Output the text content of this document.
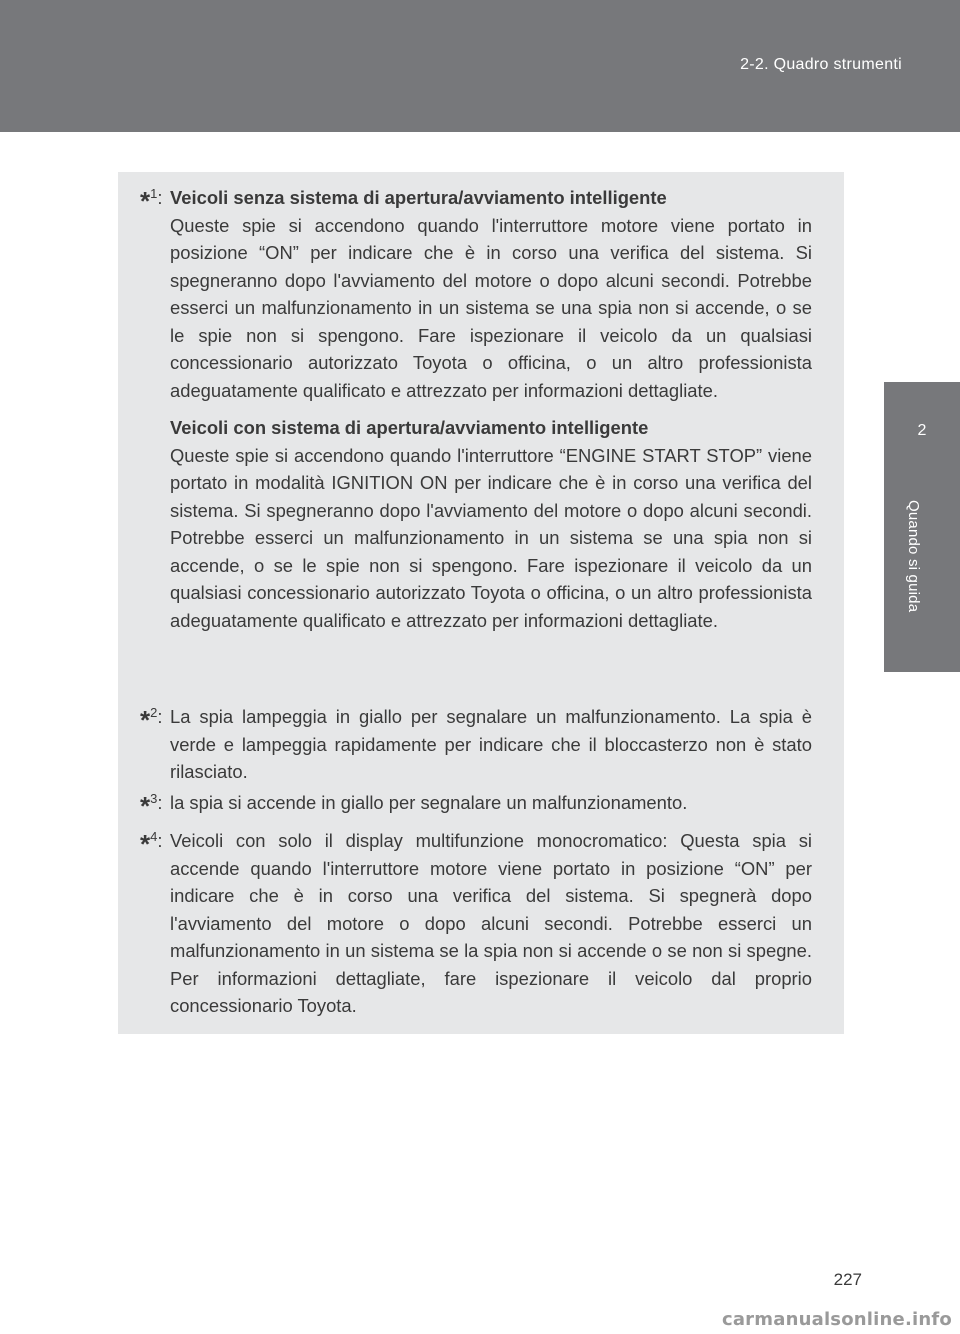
2-2. Quadro strumenti
2
Quando si guida
*$^1$: Veicoli senza sistema di apertura/avviamento intelligente
Queste spie si accendono quando l'interruttore motore viene portato in posizione “ON” per indicare che è in corso una verifica del sistema. Si spegneranno dopo l'avviamento del motore o dopo alcuni secondi. Potrebbe esserci un malfunzionamento in un sistema se una spia non si accende, o se le spie non si spengono. Fare ispezionare il veicolo da un qualsiasi concessionario autorizzato Toyota o officina, o un altro professionista adeguatamente qualificato e attrezzato per informazioni dettagliate.
Veicoli con sistema di apertura/avviamento intelligente
Queste spie si accendono quando l'interruttore “ENGINE START STOP” viene portato in modalità IGNITION ON per indicare che è in corso una verifica del sistema. Si spegneranno dopo l'avviamento del motore o dopo alcuni secondi. Potrebbe esserci un malfunzionamento in un sistema se una spia non si accende, o se le spie non si spengono. Fare ispezionare il veicolo da un qualsiasi concessionario autorizzato Toyota o officina, o un altro professionista adeguatamente qualificato e attrezzato per informazioni dettagliate.
*$^2$: La spia lampeggia in giallo per segnalare un malfunzionamento. La spia è verde e lampeggia rapidamente per indicare che il bloccasterzo non è stato rilasciato.
*$^3$: la spia si accende in giallo per segnalare un malfunzionamento.
*$^4$: Veicoli con solo il display multifunzione monocromatico: Questa spia si accende quando l'interruttore motore viene portato in posizione “ON” per indicare che è in corso una verifica del sistema. Si spegnerà dopo l'avviamento del motore o dopo alcuni secondi. Potrebbe esserci un malfunzionamento in un sistema se la spia non si accende o se non si spegne. Per informazioni dettagliate, fare ispezionare il veicolo dal proprio concessionario Toyota.
227
carmanualsonline.info
